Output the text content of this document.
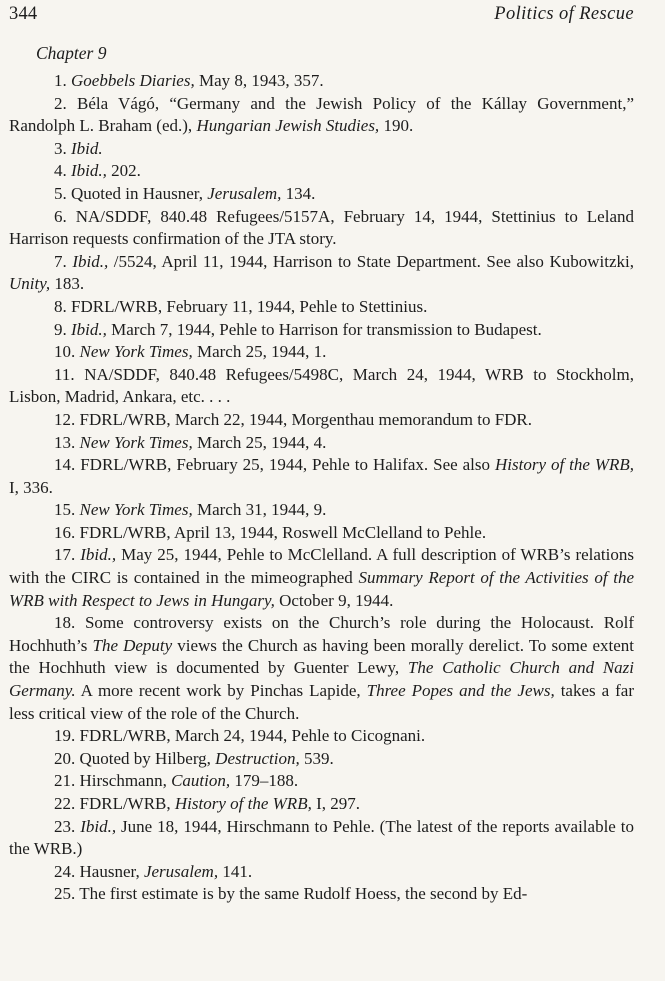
344	Politics of Rescue
Chapter 9

1. Goebbels Diaries, May 8, 1943, 357.

2. Béla Vágó, “Germany and the Jewish Policy of the Kállay Government,” Randolph L. Braham (ed.), Hungarian Jewish Studies, 190.

3. Ibid.

4. Ibid., 202.

5. Quoted in Hausner, Jerusalem, 134.

6. NA/SDDF, 840.48 Refugees/5157A, February 14, 1944, Stettinius to Leland Harrison requests confirmation of the JTA story.

7. Ibid., /5524, April 11, 1944, Harrison to State Department. See also Kubowitzki, Unity, 183.

8. FDRL/WRB, February 11, 1944, Pehle to Stettinius.

9. Ibid., March 7, 1944, Pehle to Harrison for transmission to Budapest.

10. New York Times, March 25, 1944, 1.

11. NA/SDDF, 840.48 Refugees/5498C, March 24, 1944, WRB to Stockholm, Lisbon, Madrid, Ankara, etc. . . .

12. FDRL/WRB, March 22, 1944, Morgenthau memorandum to FDR.

13. New York Times, March 25, 1944, 4.

14. FDRL/WRB, February 25, 1944, Pehle to Halifax. See also History of the WRB, I, 336.

15. New York Times, March 31, 1944, 9.

16. FDRL/WRB, April 13, 1944, Roswell McClelland to Pehle.

17. Ibid., May 25, 1944, Pehle to McClelland. A full description of WRB’s relations with the CIRC is contained in the mimeographed Summary Report of the Activities of the WRB with Respect to Jews in Hungary, October 9, 1944.

18. Some controversy exists on the Church’s role during the Holocaust. Rolf Hochhuth’s The Deputy views the Church as having been morally derelict. To some extent the Hochhuth view is documented by Guenter Lewy, The Catholic Church and Nazi Germany. A more recent work by Pinchas Lapide, Three Popes and the Jews, takes a far less critical view of the role of the Church.

19. FDRL/WRB, March 24, 1944, Pehle to Cicognani.

20. Quoted by Hilberg, Destruction, 539.

21. Hirschmann, Caution, 179–188.

22. FDRL/WRB, History of the WRB, I, 297.

23. Ibid., June 18, 1944, Hirschmann to Pehle. (The latest of the reports available to the WRB.)

24. Hausner, Jerusalem, 141.

25. The first estimate is by the same Rudolf Hoess, the second by Ed-
